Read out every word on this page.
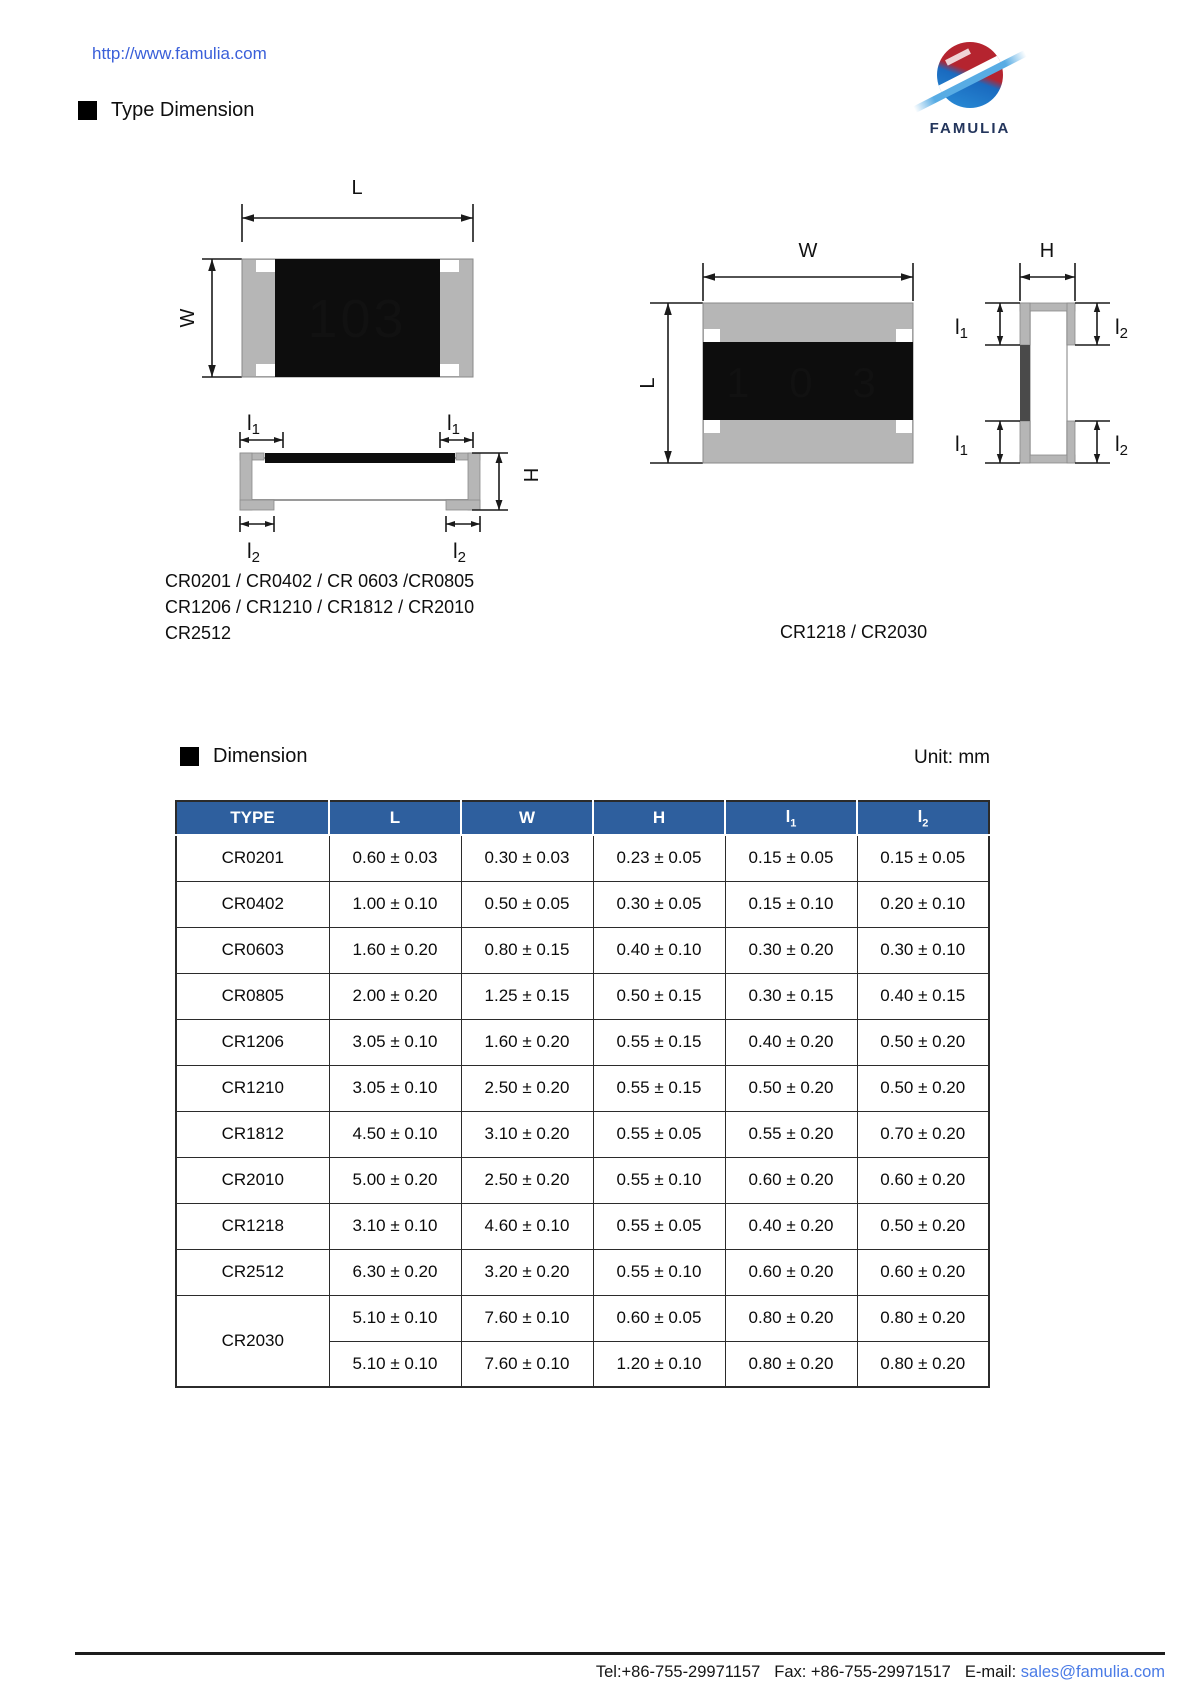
http://www.famulia.com
FAMULIA
Type Dimension
L
W 103
l1	l1
H
l2	l2
W
L 1 0 3
H
l1	l2
l1	l2
CR0201 / CR0402 / CR 0603 /CR0805
CR1206 / CR1210 / CR1812 / CR2010
CR2512	CR1218 / CR2030
Dimension	Unit: mm
TYPE	L	W	H	$l_1$	$l_2$
CR0201	0.60 ± 0.03	0.30 ± 0.03	0.23 ± 0.05	0.15 ± 0.05	0.15 ± 0.05
CR0402	1.00 ± 0.10	0.50 ± 0.05	0.30 ± 0.05	0.15 ± 0.10	0.20 ± 0.10
CR0603	1.60 ± 0.20	0.80 ± 0.15	0.40 ± 0.10	0.30 ± 0.20	0.30 ± 0.10
CR0805	2.00 ± 0.20	1.25 ± 0.15	0.50 ± 0.15	0.30 ± 0.15	0.40 ± 0.15
CR1206	3.05 ± 0.10	1.60 ± 0.20	0.55 ± 0.15	0.40 ± 0.20	0.50 ± 0.20
CR1210	3.05 ± 0.10	2.50 ± 0.20	0.55 ± 0.15	0.50 ± 0.20	0.50 ± 0.20
CR1812	4.50 ± 0.10	3.10 ± 0.20	0.55 ± 0.05	0.55 ± 0.20	0.70 ± 0.20
CR2010	5.00 ± 0.20	2.50 ± 0.20	0.55 ± 0.10	0.60 ± 0.20	0.60 ± 0.20
CR1218	3.10 ± 0.10	4.60 ± 0.10	0.55 ± 0.05	0.40 ± 0.20	0.50 ± 0.20
CR2512	6.30 ± 0.20	3.20 ± 0.20	0.55 ± 0.10	0.60 ± 0.20	0.60 ± 0.20
CR2030	5.10 ± 0.10	7.60 ± 0.10	0.60 ± 0.05	0.80 ± 0.20	0.80 ± 0.20
	5.10 ± 0.10	7.60 ± 0.10	1.20 ± 0.10	0.80 ± 0.20	0.80 ± 0.20
Tel:+86-755-29971157 Fax: +86-755-29971517 E-mail: sales@famulia.com
